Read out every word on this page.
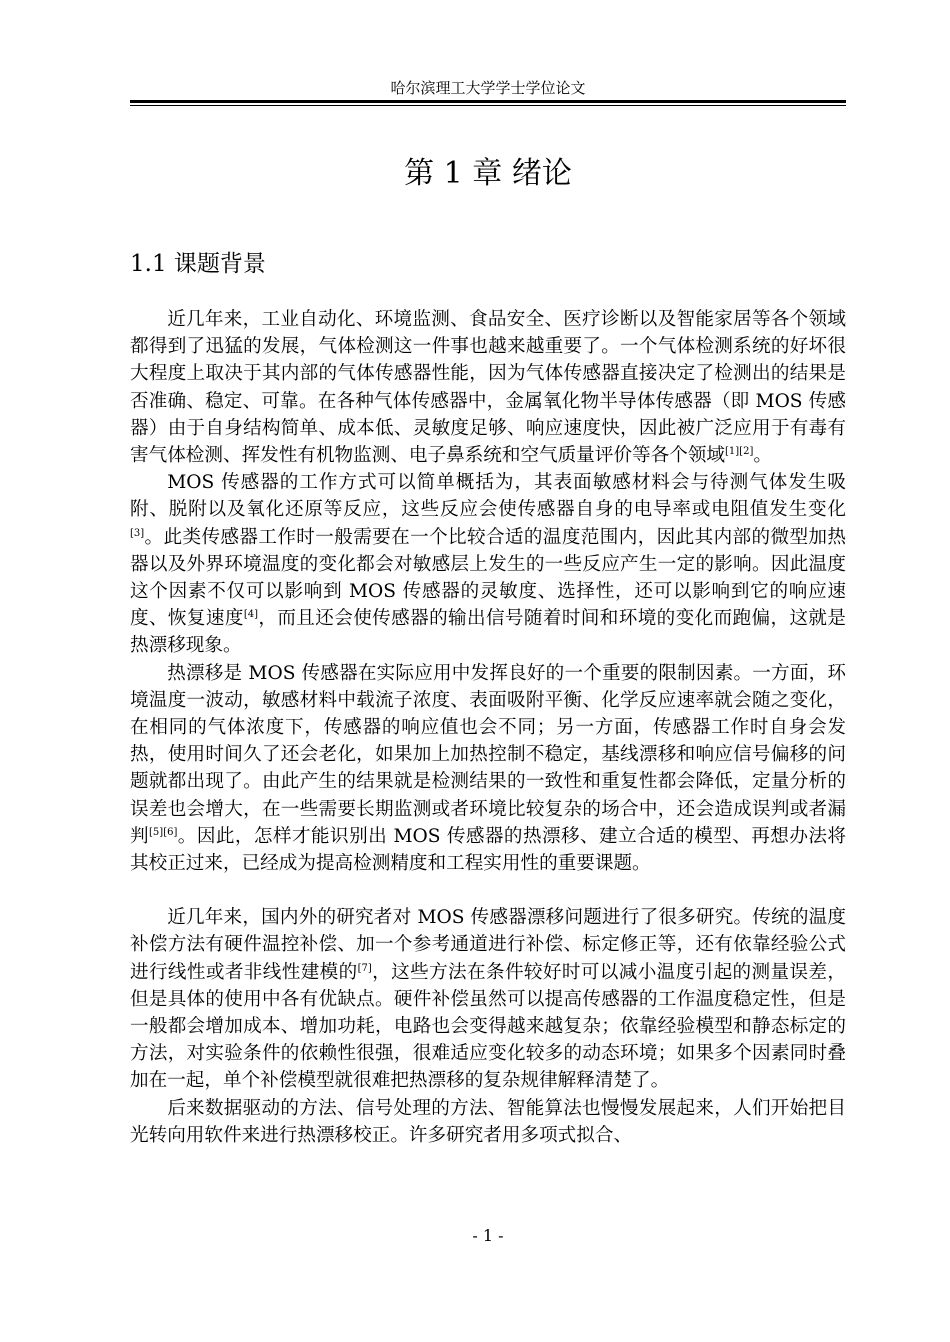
哈尔滨理工大学学士学位论文
第 1 章 绪论
1.1 课题背景

近几年来，工业自动化、环境监测、食品安全、医疗诊断以及智能家居等各个领域都得到了迅猛的发展，气体检测这一件事也越来越重要了。一个气体检测系统的好坏很大程度上取决于其内部的气体传感器性能，因为气体传感器直接决定了检测出的结果是否准确、稳定、可靠。在各种气体传感器中，金属氧化物半导体传感器（即 MOS 传感器）由于自身结构简单、成本低、灵敏度足够、响应速度快，因此被广泛应用于有毒有害气体检测、挥发性有机物监测、电子鼻系统和空气质量评价等各个领域[1][2]。

MOS 传感器的工作方式可以简单概括为，其表面敏感材料会与待测气体发生吸附、脱附以及氧化还原等反应，这些反应会使传感器自身的电导率或电阻值发生变化[3]。此类传感器工作时一般需要在一个比较合适的温度范围内，因此其内部的微型加热器以及外界环境温度的变化都会对敏感层上发生的一些反应产生一定的影响。因此温度这个因素不仅可以影响到 MOS 传感器的灵敏度、选择性，还可以影响到它的响应速度、恢复速度[4]，而且还会使传感器的输出信号随着时间和环境的变化而跑偏，这就是热漂移现象。

热漂移是 MOS 传感器在实际应用中发挥良好的一个重要的限制因素。一方面，环境温度一波动，敏感材料中载流子浓度、表面吸附平衡、化学反应速率就会随之变化，在相同的气体浓度下，传感器的响应值也会不同；另一方面，传感器工作时自身会发热，使用时间久了还会老化，如果加上加热控制不稳定，基线漂移和响应信号偏移的问题就都出现了。由此产生的结果就是检测结果的一致性和重复性都会降低，定量分析的误差也会增大，在一些需要长期监测或者环境比较复杂的场合中，还会造成误判或者漏判[5][6]。因此，怎样才能识别出 MOS 传感器的热漂移、建立合适的模型、再想办法将其校正过来，已经成为提高检测精度和工程实用性的重要课题。

近几年来，国内外的研究者对 MOS 传感器漂移问题进行了很多研究。传统的温度补偿方法有硬件温控补偿、加一个参考通道进行补偿、标定修正等，还有依靠经验公式进行线性或者非线性建模的[7]，这些方法在条件较好时可以减小温度引起的测量误差，但是具体的使用中各有优缺点。硬件补偿虽然可以提高传感器的工作温度稳定性，但是一般都会增加成本、增加功耗，电路也会变得越来越复杂；依靠经验模型和静态标定的方法，对实验条件的依赖性很强，很难适应变化较多的动态环境；如果多个因素同时叠加在一起，单个补偿模型就很难把热漂移的复杂规律解释清楚了。

后来数据驱动的方法、信号处理的方法、智能算法也慢慢发展起来，人们开始把目光转向用软件来进行热漂移校正。许多研究者用多项式拟合、

- 1 -
